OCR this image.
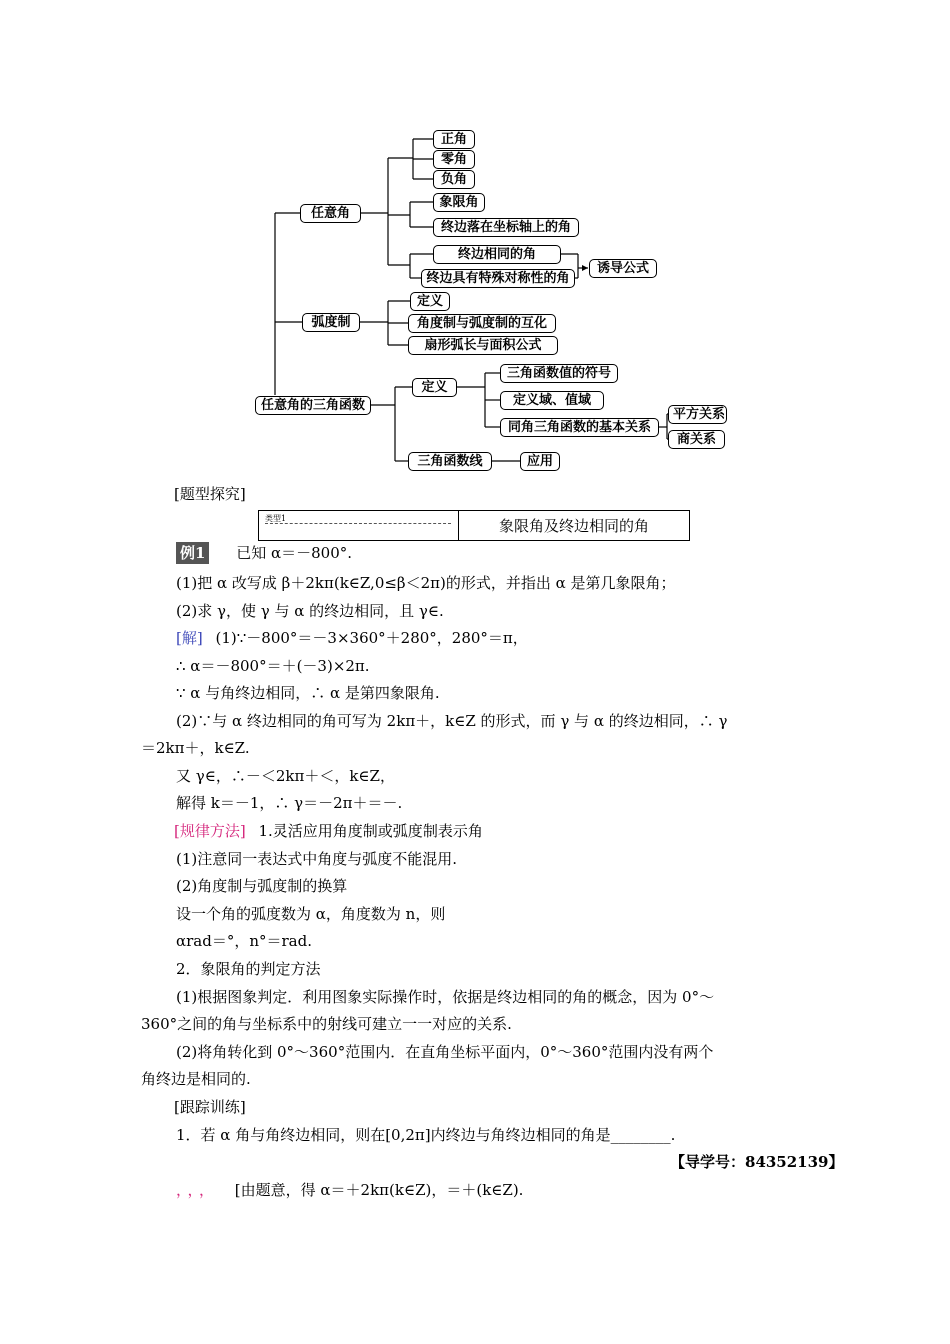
正角
零角
负角
任意角
象限角
终边落在坐标轴上的角
终边相同的角
终边具有特殊对称性的角
诱导公式
弧度制
定义
角度制与弧度制的互化
扇形弧长与面积公式
任意角的三角函数
定义
三角函数值的符号
定义域、值域
同角三角函数的基本关系
平方关系
商关系
三角函数线	应用
[题型探究]
类型1	象限角及终边相同的角
例1 已知 α＝－800°.
(1)把 α 改写成 β＋2kπ(k∈Z,0≤β＜2π)的形式，并指出 α 是第几象限角；
(2)求 γ，使 γ 与 α 的终边相同，且 γ∈.
[解] (1)∵－800°＝－3×360°＋280°，280°＝π，
∴ α＝－800°＝＋(－3)×2π.
∵ α 与角终边相同，∴ α 是第四象限角.
(2)∵与 α 终边相同的角可写为 2kπ＋，k∈Z 的形式，而 γ 与 α 的终边相同，∴ γ
＝2kπ＋，k∈Z.
又 γ∈，∴－＜2kπ＋＜，k∈Z，
解得 k＝－1，∴ γ＝－2π＋＝－.
[规律方法] 1.灵活应用角度制或弧度制表示角
(1)注意同一表达式中角度与弧度不能混用.
(2)角度制与弧度制的换算
设一个角的弧度数为 α，角度数为 n，则
αrad＝°，n°＝rad.
2．象限角的判定方法
(1)根据图象判定．利用图象实际操作时，依据是终边相同的角的概念，因为 0°～
360°之间的角与坐标系中的射线可建立一一对应的关系.
(2)将角转化到 0°～360°范围内．在直角坐标平面内，0°～360°范围内没有两个
角终边是相同的.
[跟踪训练]
1．若 α 角与角终边相同，则在[0,2π]内终边与角终边相同的角是________.
【导学号：84352139】
，，， [由题意，得 α＝＋2kπ(k∈Z)，＝＋(k∈Z).
